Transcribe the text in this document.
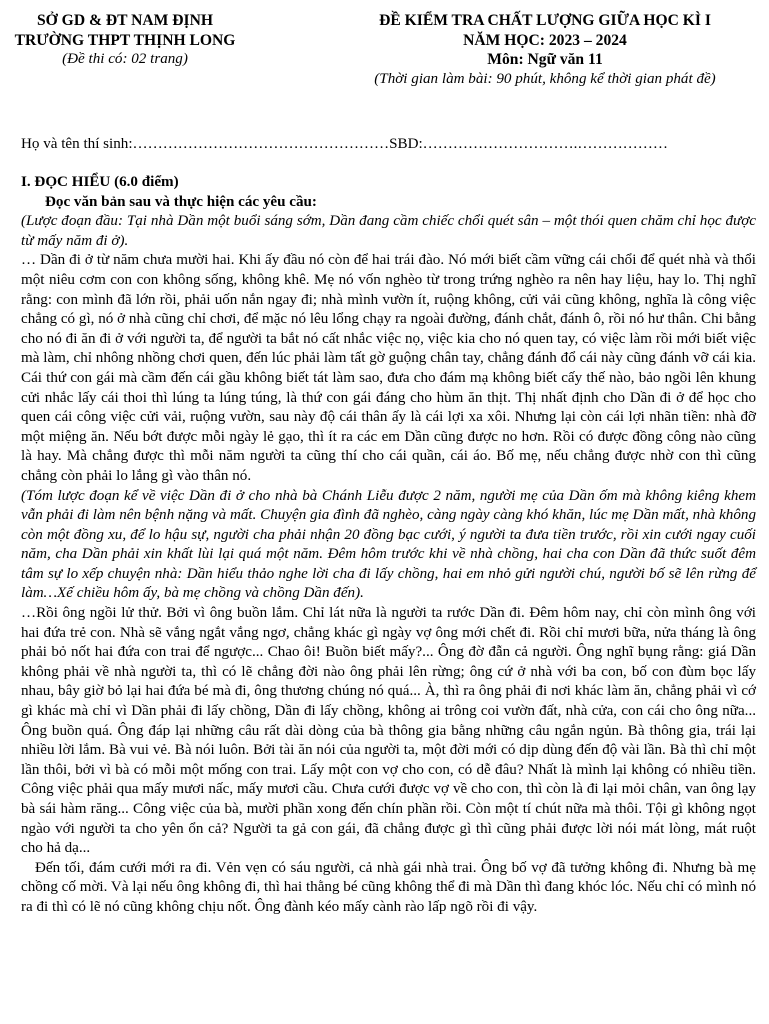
SỞ GD & ĐT NAM ĐỊNH
TRƯỜNG THPT THỊNH LONG
(Đề thi có: 02 trang)
ĐỀ KIỂM TRA CHẤT LƯỢNG GIỮA HỌC KÌ I
NĂM HỌC: 2023 – 2024
Môn: Ngữ văn 11
(Thời gian làm bài: 90 phút, không kể thời gian phát đề)
Họ và tên thí sinh:……………………………………………SBD:………………………….………………

I. ĐỌC HIỂU (6.0 điểm)

Đọc văn bản sau và thực hiện các yêu cầu:

(Lược đoạn đầu: Tại nhà Dần một buổi sáng sớm, Dần đang cầm chiếc chổi quét sân – một thói quen chăm chỉ học được từ mấy năm đi ở).

… Dần đi ở từ năm chưa mười hai. Khi ấy đầu nó còn để hai trái đào. Nó mới biết cầm vững cái chổi để quét nhà và thổi một niêu cơm con con không sống, không khê. Mẹ nó vốn nghèo từ trong trứng nghèo ra nên hay liệu, hay lo. Thị nghĩ rằng: con mình đã lớn rồi, phải uốn nắn ngay đi; nhà mình vườn ít, ruộng không, cửi vải cũng không, nghĩa là công việc chẳng có gì, nó ở nhà cũng chỉ chơi, để mặc nó lêu lổng chạy ra ngoài đường, đánh chắt, đánh ô, rồi nó hư thân. Chi bằng cho nó đi ăn đi ở với người ta, để người ta bắt nó cất nhắc việc nọ, việc kia cho nó quen tay, có việc làm rồi mới biết việc mà làm, chỉ nhông nhồng chơi quen, đến lúc phải làm tất gờ guộng chân tay, chẳng đánh đổ cái này cũng đánh vỡ cái kia. Cái thứ con gái mà cầm đến cái gầu không biết tát làm sao, đưa cho đám mạ không biết cấy thế nào, bảo ngồi lên khung cửi nhắc lấy cái thoi thì lúng ta lúng túng, là thứ con gái đáng cho hùm ăn thịt. Thị nhất định cho Dần đi ở để học cho quen cái công việc cửi vải, ruộng vườn, sau này độ cái thân ấy là cái lợi xa xôi. Nhưng lại còn cái lợi nhãn tiền: nhà đỡ một miệng ăn. Nếu bớt được mỗi ngày lẻ gạo, thì ít ra các em Dần cũng được no hơn. Rồi có được đồng công nào cũng là hay. Mà chẳng được thì mỗi năm người ta cũng thí cho cái quần, cái áo. Bố mẹ, nếu chẳng được nhờ con thì cũng chẳng còn phải lo lắng gì vào thân nó.

(Tóm lược đoạn kể về việc Dần đi ở cho nhà bà Chánh Liễu được 2 năm, người mẹ của Dần ốm mà không kiêng khem vẫn phải đi làm nên bệnh nặng và mất. Chuyện gia đình đã nghèo, càng ngày càng khó khăn, lúc mẹ Dần mất, nhà không còn một đồng xu, để lo hậu sự, người cha phải nhận 20 đồng bạc cưới, ý người ta đưa tiền trước, rồi xin cưới ngay cuối năm, cha Dần phải xin khất lùi lại quá một năm. Đêm hôm trước khi về nhà chồng, hai cha con Dần đã thức suốt đêm tâm sự lo xếp chuyện nhà: Dần hiểu thảo nghe lời cha đi lấy chồng, hai em nhỏ gửi người chú, người bố sẽ lên rừng để làm…Xế chiều hôm ấy, bà mẹ chồng và chồng Dần đến).

…Rồi ông ngồi lử thử. Bởi vì ông buồn lắm. Chỉ lát nữa là người ta rước Dần đi. Đêm hôm nay, chỉ còn mình ông với hai đứa trẻ con. Nhà sẽ vắng ngắt vắng ngơ, chẳng khác gì ngày vợ ông mới chết đi. Rồi chỉ mươi bữa, nửa tháng là ông phải bỏ nốt hai đứa con trai để ngược... Chao ôi! Buồn biết mấy?... Ông đờ đẫn cả người. Ông nghĩ bụng rằng: giá Dần không phải về nhà người ta, thì có lẽ chẳng đời nào ông phải lên rừng; ông cứ ở nhà với ba con, bố con đùm bọc lấy nhau, bây giờ bỏ lại hai đứa bé mà đi, ông thương chúng nó quá... À, thì ra ông phải đi nơi khác làm ăn, chẳng phải vì cớ gì khác mà chỉ vì Dần phải đi lấy chồng, Dần đi lấy chồng, không ai trông coi vườn đất, nhà cửa, con cái cho ông nữa... Ông buồn quá. Ông đáp lại những câu rất dài dòng của bà thông gia bằng những câu ngắn ngủn. Bà thông gia, trái lại nhiều lời lắm. Bà vui vẻ. Bà nói luôn. Bởi tài ăn nói của người ta, một đời mới có dịp dùng đến độ vài lần. Bà thì chỉ một lần thôi, bởi vì bà có mỗi một mống con trai. Lấy một con vợ cho con, có dễ đâu? Nhất là mình lại không có nhiều tiền. Công việc phải qua mấy mươi nấc, mấy mươi cầu. Chưa cưới được vợ về cho con, thì còn là đi lại mỏi chân, van ông lạy bà sái hàm răng... Công việc của bà, mười phần xong đến chín phần rồi. Còn một tí chút nữa mà thôi. Tội gì không ngọt ngào với người ta cho yên ổn cả? Người ta gả con gái, đã chẳng được gì thì cũng phải được lời nói mát lòng, mát ruột cho hả dạ...

Đến tối, đám cưới mới ra đi. Vẻn vẹn có sáu người, cả nhà gái nhà trai. Ông bố vợ đã tưởng không đi. Nhưng bà mẹ chồng cố mời. Và lại nếu ông không đi, thì hai thằng bé cũng không thể đi mà Dần thì đang khóc lóc. Nếu chỉ có mình nó ra đi thì có lẽ nó cũng không chịu nốt. Ông đành kéo mấy cành rào lấp ngõ rồi đi vậy.
